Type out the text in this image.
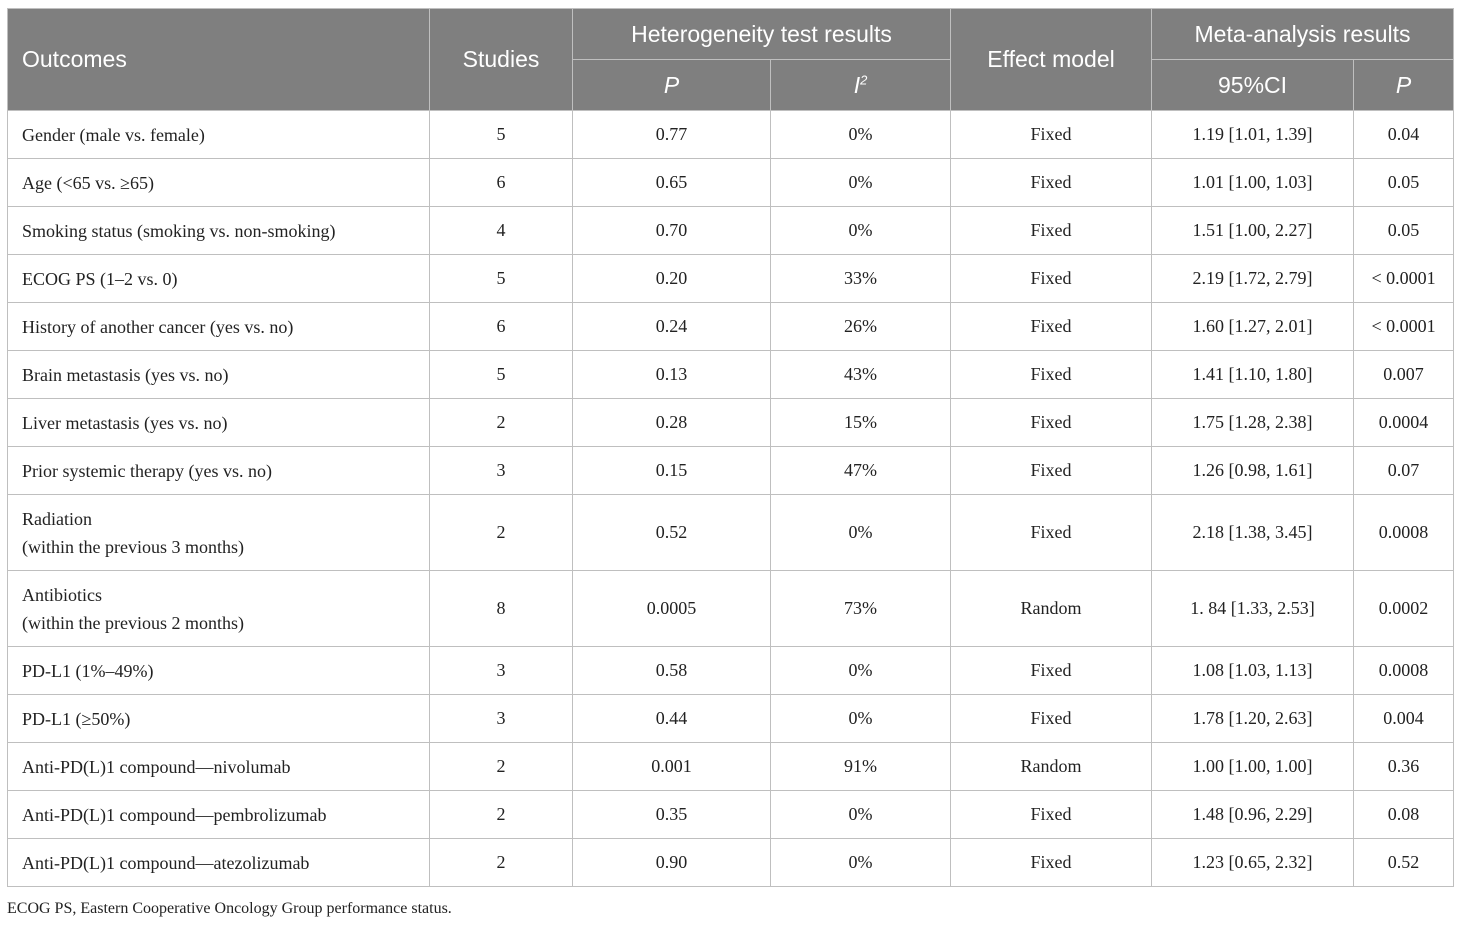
Outcomes	Studies	Heterogeneity test results		Effect model	Meta-analysis results	
		P	$I^2$		95%CI	P

Gender (male vs. female)	5	0.77	0%	Fixed	1.19 [1.01, 1.39]	0.04

Age (<65 vs. ≥65)	6	0.65	0%	Fixed	1.01 [1.00, 1.03]	0.05

Smoking status (smoking vs. non-smoking)	4	0.70	0%	Fixed	1.51 [1.00, 2.27]	0.05

ECOG PS (1–2 vs. 0)	5	0.20	33%	Fixed	2.19 [1.72, 2.79]	< 0.0001

History of another cancer (yes vs. no)	6	0.24	26%	Fixed	1.60 [1.27, 2.01]	< 0.0001

Brain metastasis (yes vs. no)	5	0.13	43%	Fixed	1.41 [1.10, 1.80]	0.007

Liver metastasis (yes vs. no)	2	0.28	15%	Fixed	1.75 [1.28, 2.38]	0.0004

Prior systemic therapy (yes vs. no)	3	0.15	47%	Fixed	1.26 [0.98, 1.61]	0.07

Radiation
(within the previous 3 months)	2	0.52	0%	Fixed	2.18 [1.38, 3.45]	0.0008

Antibiotics
(within the previous 2 months)	8	0.0005	73%	Random	1. 84 [1.33, 2.53]	0.0002

PD-L1 (1%–49%)	3	0.58	0%	Fixed	1.08 [1.03, 1.13]	0.0008

PD-L1 (≥50%)	3	0.44	0%	Fixed	1.78 [1.20, 2.63]	0.004

Anti-PD(L)1 compound—nivolumab	2	0.001	91%	Random	1.00 [1.00, 1.00]	0.36

Anti-PD(L)1 compound—pembrolizumab	2	0.35	0%	Fixed	1.48 [0.96, 2.29]	0.08

Anti-PD(L)1 compound—atezolizumab	2	0.90	0%	Fixed	1.23 [0.65, 2.32]	0.52
ECOG PS, Eastern Cooperative Oncology Group performance status.
